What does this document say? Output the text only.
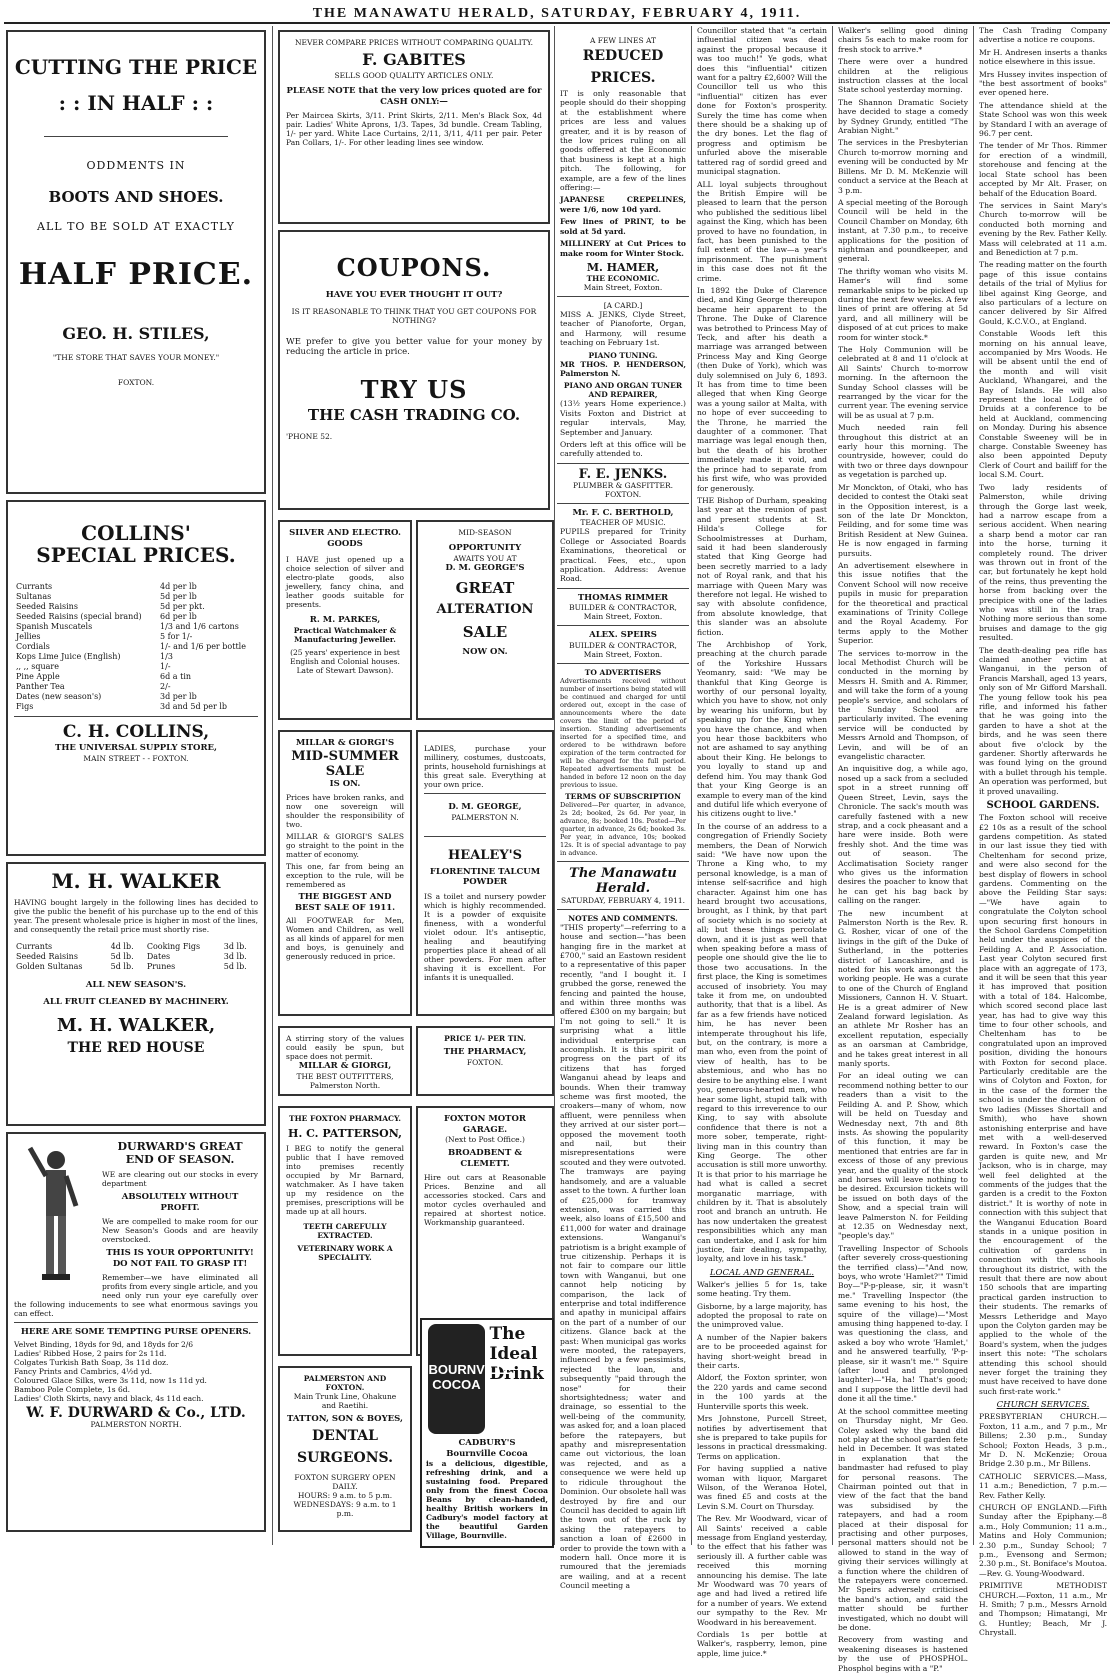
THE MANAWATU HERALD, SATURDAY, FEBRUARY 4, 1911.
CUTTING THE PRICE
: : IN HALF : :
ODDMENTS IN
BOOTS AND SHOES.
ALL TO BE SOLD AT EXACTLY
HALF PRICE.
GEO. H. STILES,
"THE STORE THAT SAVES YOUR MONEY."
FOXTON.
COLLINS'
SPECIAL PRICES.
Currants	4d per lb
Sultanas	5d per lb
Seeded Raisins	5d per pkt.
Seeded Raisins (special brand)	6d per lb
Spanish Muscatels	1/3 and 1/6 cartons
Jellies	5 for 1/-
Cordials	1/- and 1/6 per bottle
Kops Lime Juice (English)	1/3
,, ,, square	1/-
Pine Apple	6d a tin
Panther Tea	2/-
Dates (new season's)	3d per lb
Figs	3d and 5d per lb
C. H. COLLINS,
THE UNIVERSAL SUPPLY STORE,
MAIN STREET - - FOXTON.
M. H. WALKER
HAVING bought largely in the following lines has decided to give the public the benefit of his purchase up to the end of this year. The present wholesale price is higher in most of the lines, and consequently the retail price must shortly rise.
Currants	4d lb.	Cooking Figs	3d lb.
Seeded Raisins	5d lb.	Dates	3d lb.
Golden Sultanas	5d lb.	Prunes	5d lb.
ALL NEW SEASON'S.
ALL FRUIT CLEANED BY MACHINERY.
M. H. WALKER,
THE RED HOUSE
DURWARD'S GREAT END OF SEASON.
WE are clearing out our stocks in every department
ABSOLUTELY WITHOUT PROFIT.
We are compelled to make room for our New Season's Goods and are heavily overstocked.
THIS IS YOUR OPPORTUNITY! DO NOT FAIL TO GRASP IT!
Remember—we have eliminated all profits from every single article, and you need only run your eye carefully over the following inducements to see what enormous savings you can effect.
HERE ARE SOME TEMPTING PURSE OPENERS.
Velvet Binding, 18yds for 9d, and 18yds for 2/6
Ladies' Ribbed Hose, 2 pairs for 2s 11d.
Colgates Turkish Bath Soap, 3s 11d doz.
Fancy Prints and Cambrics, 4½d yd.
Coloured Glace Silks, were 3s 11d, now 1s 11d yd.
Bamboo Pole Complete, 1s 6d.
Ladies' Cloth Skirts, navy and black, 4s 11d each.
W. F. DURWARD & Co., LTD.
PALMERSTON NORTH.
NEVER COMPARE PRICES WITHOUT COMPARING QUALITY.
F. GABITES
SELLS GOOD QUALITY ARTICLES ONLY.
PLEASE NOTE that the very low prices quoted are for CASH ONLY:—
Per Maircea Skirts, 3/11. Print Skirts, 2/11. Men's Black Sox, 4d pair. Ladies' White Aprons, 1/3. Tapes, 3d bundle. Cream Tabling, 1/- per yard. White Lace Curtains, 2/11, 3/11, 4/11 per pair. Peter Pan Collars, 1/-. For other leading lines see window.
COUPONS.
HAVE YOU EVER THOUGHT IT OUT?
IS IT REASONABLE TO THINK THAT YOU GET COUPONS FOR NOTHING?
WE prefer to give you better value for your money by reducing the article in price.
TRY US
THE CASH TRADING CO.
'PHONE 52.
SILVER AND ELECTRO. GOODS
I HAVE just opened up a choice selection of silver and electro-plate goods, also jewellery, fancy china, and leather goods suitable for presents.
R. M. PARKES,
Practical Watchmaker & Manufacturing Jeweller.
(25 years' experience in best English and Colonial houses. Late of Stewart Dawson).
MID-SEASON
OPPORTUNITY
AWAITS YOU AT
D. M. GEORGE'S
GREAT
ALTERATION
SALE
NOW ON.
MILLAR & GIORGI'S
MID-SUMMER SALE
IS ON.
Prices have broken ranks, and now one sovereign will shoulder the responsibility of two.
MILLAR & GIORGI'S SALES go straight to the point in the matter of economy.
This one, far from being an exception to the rule, will be remembered as
THE BIGGEST AND BEST SALE OF 1911.
All FOOTWEAR for Men, Women and Children, as well as all kinds of apparel for men and boys, is genuinely and generously reduced in price.
LADIES, purchase your millinery, costumes, dustcoats, prints, household furnishings at this great sale. Everything at your own price.
D. M. GEORGE,
PALMERSTON N.
HEALEY'S
FLORENTINE TALCUM POWDER
IS a toilet and nursery powder which is highly recommended. It is a powder of exquisite fineness, with a wonderful violet odour. It's antiseptic, healing and beautifying properties place it ahead of all other powders. For men after shaving it is excellent. For infants it is unequalled.
A stirring story of the values could easily be spun, but space does not permit.
MILLAR & GIORGI,
THE BEST OUTFITTERS, Palmerston North.
PRICE 1/- PER TIN.
THE PHARMACY,
FOXTON.
THE FOXTON PHARMACY.
H. C. PATTERSON,
I BEG to notify the general public that I have removed into premises recently occupied by Mr Barnard, watchmaker. As I have taken up my residence on the premises, prescriptions will be made up at all hours.
TEETH CAREFULLY EXTRACTED.
VETERINARY WORK A SPECIALITY.
FOXTON MOTOR GARAGE.
(Next to Post Office.)
BROADBENT & CLEMETT.
Hire out cars at Reasonable Prices. Benzine and all accessories stocked. Cars and motor cycles overhauled and repaired at shortest notice. Workmanship guaranteed.
PALMERSTON AND FOXTON.
Main Trunk Line, Ohakune and Raetihi.
TATTON, SON & BOYES,
DENTAL SURGEONS.
FOXTON SURGERY OPEN DAILY.
HOURS: 9 a.m. to 5 p.m.
WEDNESDAYS: 9 a.m. to 1 p.m.
A FEW LINES AT
REDUCED PRICES.
IT is only reasonable that people should do their shopping at the establishment where prices are less and values greater, and it is by reason of the low prices ruling on all goods offered at the Economic that business is kept at a high pitch. The following, for example, are a few of the lines offering:—
JAPANESE CREPELINES, were 1/6, now 10d yard.
Few lines of PRINT, to be sold at 5d yard.
MILLINERY at Cut Prices to make room for Winter Stock.
M. HAMER,
THE ECONOMIC.
Main Street, Foxton.
[A CARD.]
MISS A. JENKS, Clyde Street, teacher of Pianoforte, Organ, and Harmony, will resume teaching on February 1st.
PIANO TUNING.
MR THOS. P. HENDERSON, Palmerston N.
PIANO AND ORGAN TUNER AND REPAIRER,
(13½ years Home experience.) Visits Foxton and District at regular intervals, May, September and January.
Orders left at this office will be carefully attended to.
F. E. JENKS.
PLUMBER & GASFITTER.
FOXTON.
Mr. F. C. BERTHOLD,
TEACHER OF MUSIC.
PUPILS prepared for Trinity College or Associated Boards Examinations, theoretical or practical. Fees, etc., upon application. Address: Avenue Road.
THOMAS RIMMER
BUILDER & CONTRACTOR,
Main Street, Foxton.
ALEX. SPEIRS
BUILDER & CONTRACTOR,
Main Street, Foxton.
TO ADVERTISERS
Advertisements received without number of insertions being stated will be continued and charged for until ordered out, except in the case of announcements where the date covers the limit of the period of insertion. Standing advertisements inserted for a specified time, and ordered to be withdrawn before expiration of the term contracted for will be charged for the full period. Repeated advertisements must be handed in before 12 noon on the day previous to issue.
TERMS OF SUBSCRIPTION
Delivered—Per quarter, in advance, 2s 2d; booked, 2s 6d. Per year, in advance, 8s; booked 10s. Posted—Per quarter, in advance, 2s 6d; booked 3s. Per year, in advance, 10s; booked 12s. It is of special advantage to pay in advance.
The Manawatu Herald.
SATURDAY, FEBRUARY 4, 1911.
NOTES AND COMMENTS.
"THIS property"—referring to a house and section—"has been hanging fire in the market at £700," said an Eastown resident to a representative of this paper recently, "and I bought it. I grubbed the gorse, renewed the fencing and painted the house, and within three months was offered £300 on my bargain; but I'm not going to sell." It is surprising what a little individual enterprise can accomplish. It is this spirit of progress on the part of its citizens that has forged Wanganui ahead by leaps and bounds. When their tramway scheme was first mooted, the croakers—many of whom, now affluent, were penniless when they arrived at our sister port—opposed the movement tooth and nail, but their misrepresentations were scouted and they were outvoted. The tramways are paying handsomely, and are a valuable asset to the town. A further loan of £25,000 for tramway extension, was carried this week, also loans of £15,500 and £11,000 for water and drainage extensions. Wanganui's patriotism is a bright example of true citizenship. Perhaps it is not fair to compare our little town with Wanganui, but one cannot help noticing by comparison, the lack of enterprise and total indifference and apathy in municipal affairs on the part of a number of our citizens. Glance back at the past: When municipal gas works were mooted, the ratepayers, influenced by a few pessimists, rejected the loan, and subsequently "paid through the nose" for their shortsightedness; water and drainage, so essential to the well-being of the community, was asked for, and a loan placed before the ratepayers, but apathy and misrepresentation came out victorious, the loan was rejected, and as a consequence we were held up to ridicule throughout the Dominion. Our obsolete hall was destroyed by fire and our Council has decided to again lift the town out of the ruck by asking the ratepayers to sanction a loan of £2600 in order to provide the town with a modern hall. Once more it is rumoured that the jeremiads are wailing, and at a recent Council meeting a
Councillor stated that "a certain influential citizen was dead against the proposal because it was too much!" Ye gods, what does this "influential" citizen want for a paltry £2,600? Will the Councillor tell us who this "influential" citizen has ever done for Foxton's prosperity. Surely the time has come when there should be a shaking up of the dry bones. Let the flag of progress and optimism be unfurled above the miserable tattered rag of sordid greed and municipal stagnation.
ALL loyal subjects throughout the British Empire will be pleased to learn that the person who published the seditious libel against the King, which has been proved to have no foundation, in fact, has been punished to the full extent of the law—a year's imprisonment. The punishment in this case does not fit the crime.
In 1892 the Duke of Clarence died, and King George thereupon became heir apparent to the Throne. The Duke of Clarence was betrothed to Princess May of Teck, and after his death a marriage was arranged between Princess May and King George (then Duke of York), which was duly solemnised on July 6, 1893. It has from time to time been alleged that when King George was a young sailor at Malta, with no hope of ever succeeding to the Throne, he married the daughter of a commoner. That marriage was legal enough then, but the death of his brother immediately made it void, and the prince had to separate from his first wife, who was provided for generously.
THE Bishop of Durham, speaking last year at the reunion of past and present students at St. Hilda's College for Schoolmistresses at Durham, said it had been slanderously stated that King George had been secretly married to a lady not of Royal rank, and that his marriage with Queen Mary was therefore not legal. He wished to say with absolute confidence, from absolute knowledge, that this slander was an absolute fiction.
The Archbishop of York, preaching at the church parade of the Yorkshire Hussars Yeomanry, said: "We may be thankful that King George is worthy of our personal loyalty, which you have to show, not only by wearing his uniform, but by speaking up for the King when you have the chance, and when you hear those backbiters who not are ashamed to say anything about their King. He belongs to you loyally to stand up and defend him. You may thank God that your King George is an example to every man of the kind and dutiful life which everyone of his citizens ought to live."
In the course of an address to a congregation of Friendly Society members, the Dean of Norwich said: "We have now upon the Throne a King who, to my personal knowledge, is a man of intense self-sacrifice and high character. Against him one has heard brought two accusations, brought, as I think, by that part of society which is no society at all; but these things percolate down, and it is just as well that when speaking before a mass of people one should give the lie to those two accusations. In the first place, the King is sometimes accused of insobriety. You may take it from me, on undoubted authority, that that is a libel. As far as a few friends have noticed him, he has never been intemperate throughout his life, but, on the contrary, is more a man who, even from the point of view of health, has to be abstemious, and who has no desire to be anything else. I want you, generous-hearted men, who hear some light, stupid talk with regard to this irreverence to our King, to say with absolute confidence that there is not a more sober, temperate, right-living man in this country than King George. The other accusation is still more unworthy. It is that prior to his marriage he had what is called a secret morganatic marriage, with children by it. That is absolutely root and branch an untruth. He has now undertaken the greatest responsibilities which any man can undertake, and I ask for him justice, fair dealing, sympathy, loyalty, and love in his task."
LOCAL AND GENERAL.
Walker's jellies 5 for 1s, take some heating. Try them.
Gisborne, by a large majority, has adopted the proposal to rate on the unimproved value.
A number of the Napier bakers are to be proceeded against for having short-weight bread in their carts.
Aldorf, the Foxton sprinter, won the 220 yards and came second in the 100 yards at the Hunterville sports this week.
Mrs Johnstone, Purcell Street, notifies by advertisement that she is prepared to take pupils for lessons in practical dressmaking. Terms on application.
For having supplied a native woman with liquor, Margaret Wilson, of the Weranoa Hotel, was fined £5 and costs at the Levin S.M. Court on Thursday.
The Rev. Mr Woodward, vicar of All Saints' received a cable message from England yesterday, to the effect that his father was seriously ill. A further cable was received this morning announcing his demise. The late Mr Woodward was 70 years of age and had lived a retired life for a number of years. We extend our sympathy to the Rev. Mr Woodward in his bereavement.
Cordials 1s per bottle at Walker's, raspberry, lemon, pine apple, lime juice.*
Walker's selling good dining chairs 5s each to make room for fresh stock to arrive.*
There were over a hundred children at the religious instruction classes at the local State school yesterday morning.
The Shannon Dramatic Society have decided to stage a comedy by Sydney Grundy, entitled "The Arabian Night."
The services in the Presbyterian Church to-morrow morning and evening will be conducted by Mr Billens. Mr D. M. McKenzie will conduct a service at the Beach at 3 p.m.
A special meeting of the Borough Council will be held in the Council Chamber on Monday, 6th instant, at 7.30 p.m., to receive applications for the position of nightman and poundkeeper, and general.
The thrifty woman who visits M. Hamer's will find some remarkable snips to be picked up during the next few weeks. A few lines of print are offering at 5d yard, and all millinery will be disposed of at cut prices to make room for winter stock.*
The Holy Communion will be celebrated at 8 and 11 o'clock at All Saints' Church to-morrow morning. In the afternoon the Sunday School classes will be rearranged by the vicar for the current year. The evening service will be as usual at 7 p.m.
Much needed rain fell throughout this district at an early hour this morning. The countryside, however, could do with two or three days downpour as vegetation is parched up.
Mr Monckton, of Otaki, who has decided to contest the Otaki seat in the Opposition interest, is a son of the late Dr Monckton, Feilding, and for some time was British Resident at New Guinea. He is now engaged in farming pursuits.
An advertisement elsewhere in this issue notifies that the Convent School will now receive pupils in music for preparation for the theoretical and practical examinations of Trinity College and the Royal Academy. For terms apply to the Mother Superior.
The services to-morrow in the local Methodist Church will be conducted in the morning by Messrs H. Smith and A. Rimmer, and will take the form of a young people's service, and scholars of the Sunday School are particularly invited. The evening service will be conducted by Messrs Arnold and Thompson, of Levin, and will be of an evangelistic character.
An inquisitive dog, a while ago, nosed up a sack from a secluded spot in a street running off Queen Street, Levin, says the Chronicle. The sack's mouth was carefully fastened with a new strap, and a cock pheasant and a hare were inside. Both were freshly shot. And the time was out of season. The Acclimatisation Society ranger who gives us the information desires the poacher to know that he can get his bag back by calling on the ranger.
The new incumbent at Palmerston North is the Rev. R. G. Rosher, vicar of one of the livings in the gift of the Duke of Sutherland, in the potteries district of Lancashire, and is noted for his work amongst the working people. He was a curate to one of the Church of England Missioners, Cannon H. V. Stuart. He is a great admirer of New Zealand forward legislation. As an athlete Mr Rosher has an excellent reputation, especially as an oarsman at Cambridge, and he takes great interest in all manly sports.
For an ideal outing we can recommend nothing better to our readers than a visit to the Feilding A. and P. Show, which will be held on Tuesday and Wednesday next, 7th and 8th insts. As showing the popularity of this function, it may be mentioned that entries are far in excess of those of any previous year, and the quality of the stock and horses will leave nothing to be desired. Excursion tickets will be issued on both days of the Show, and a special train will leave Palmerston N. for Feilding at 12.35 on Wednesday next, "people's day."
Travelling Inspector of Schools (after severely cross-questioning the terrified class)—"And now, boys, who wrote 'Hamlet?'" Timid Boy—"P-p-please, sir, it wasn't me." Travelling Inspector (the same evening to his host, the squire of the village)—"Most amusing thing happened to-day. I was questioning the class, and asked a boy who wrote 'Hamlet,' and he answered tearfully, 'P-p-please, sir it wasn't me.'" Squire (after loud and prolonged laughter)—"Ha, ha! That's good; and I suppose the little devil had done it all the time."
At the school committee meeting on Thursday night, Mr Geo. Coley asked why the band did not play at the school garden fete held in December. It was stated in explanation that the bandmaster had refused to play for personal reasons. The Chairman pointed out that in view of the fact that the band was subsidised by the ratepayers, and had a room placed at their disposal for practising and other purposes, personal matters should not be allowed to stand in the way of giving their services willingly at a function where the children of the ratepayers were concerned. Mr Speirs adversely criticised the band's action, and said the matter should be further investigated, which no doubt will be done.
Recovery from wasting and weakening diseases is hastened by the use of PHOSPHOL. Phosphol begins with a "P."
The Cash Trading Company advertise a notice re coupons.
Mr H. Andresen inserts a thanks notice elsewhere in this issue.
Mrs Hussey invites inspection of "the best assortment of books" ever opened here.
The attendance shield at the State School was won this week by Standard I with an average of 96.7 per cent.
The tender of Mr Thos. Rimmer for erection of a windmill, storehouse and fencing at the local State school has been accepted by Mr Alt. Fraser, on behalf of the Education Board.
The services in Saint Mary's Church to-morrow will be conducted both morning and evening by the Rev. Father Kelly. Mass will celebrated at 11 a.m. and Benediction at 7 p.m.
The reading matter on the fourth page of this issue contains details of the trial of Mylius for libel against King George, and also particulars of a lecture on cancer delivered by Sir Alfred Gould, K.C.V.O., at England.
Constable Woods left this morning on his annual leave, accompanied by Mrs Woods. He will be absent until the end of the month and will visit Auckland, Whangarei, and the Bay of Islands. He will also represent the local Lodge of Druids at a conference to be held at Auckland, commencing on Monday. During his absence Constable Sweeney will be in charge. Constable Sweeney has also been appointed Deputy Clerk of Court and bailiff for the local S.M. Court.
Two lady residents of Palmerston, while driving through the Gorge last week, had a narrow escape from a serious accident. When nearing a sharp bend a motor car ran into the horse, turning it completely round. The driver was thrown out in front of the car, but fortunately he kept hold of the reins, thus preventing the horse from backing over the precipice with one of the ladies who was still in the trap. Nothing more serious than some bruises and damage to the gig resulted.
The death-dealing pea rifle has claimed another victim at Wanganui, in the person of Francis Marshall, aged 13 years, only son of Mr Gifford Marshall. The young fellow took his pea rifle, and informed his father that he was going into the garden to have a shot at the birds, and he was seen there about five o'clock by the gardener. Shortly afterwards he was found lying on the ground with a bullet through his temple. An operation was performed, but it proved unavailing.
SCHOOL GARDENS.
The Foxton school will receive £2 10s as a result of the school gardens competition. As stated in our last issue they tied with Cheltenham for second prize, and were also second for the best display of flowers in school gardens. Commenting on the above the Feilding Star says:—"We have again to congratulate the Colyton school upon securing first honours in the School Gardens Competition held under the auspices of the Feilding A. and P. Association. Last year Colyton secured first place with an aggregate of 173, and it will be seen that this year it has improved that position with a total of 184. Halcombe, which scored second place last year, has had to give way this time to four other schools, and Cheltenham has to be congratulated upon an improved position, dividing the honours with Foxton for second place. Particularly creditable are the wins of Colyton and Foxton, for in the case of the former the school is under the direction of two ladies (Misses Shortall and Smith), who have shown astonishing enterprise and have met with a well-deserved reward. In Foxton's case the garden is quite new, and Mr Jackson, who is in charge, may well feel delighted at the comments of the judges that the garden is a credit to the Foxton district." It is worthy of note in connection with this subject that the Wanganui Education Board stands in a unique position in the encouragement of the cultivation of gardens in connection with the schools throughout its district, with the result that there are now about 150 schools that are imparting practical garden instruction to their students. The remarks of Messrs Letheridge and Mayo upon the Colyton garden may be applied to the whole of the Board's system, when the judges insert this note: "The scholars attending this school should never forget the training they must have received to have done such first-rate work."
CHURCH SERVICES.
PRESBYTERIAN CHURCH.—Foxton, 11 a.m., and 7 p.m., Mr Billens; 2.30 p.m., Sunday School; Foxton Heads, 3 p.m., Mr D. N. McKenzie; Oroua Bridge 2.30 p.m., Mr Billens.
CATHOLIC SERVICES.—Mass, 11 a.m.; Benediction, 7 p.m.—Rev. Father Kelly.
CHURCH OF ENGLAND.—Fifth Sunday after the Epiphany.—8 a.m., Holy Communion; 11 a.m., Matins and Holy Communion; 2.30 p.m., Sunday School; 7 p.m., Evensong and Sermon; 2.30 p.m., St. Boniface's Moutoa.—Rev. G. Young-Woodward.
PRIMITIVE METHODIST CHURCH.—Foxton, 11 a.m., Mr H. Smith; 7 p.m., Messrs Arnold and Thompson; Himatangi, Mr G. Huntley; Beach, Mr J. Chrystall.
BOURNVILLE COCOA
The
Ideal
Drink
CADBURY'S
Bournville Cocoa
is a delicious, digestible, refreshing drink, and a sustaining food. Prepared only from the finest Cocoa Beans by clean-handed, healthy British workers in Cadbury's model factory at the beautiful Garden Village, Bournville.
